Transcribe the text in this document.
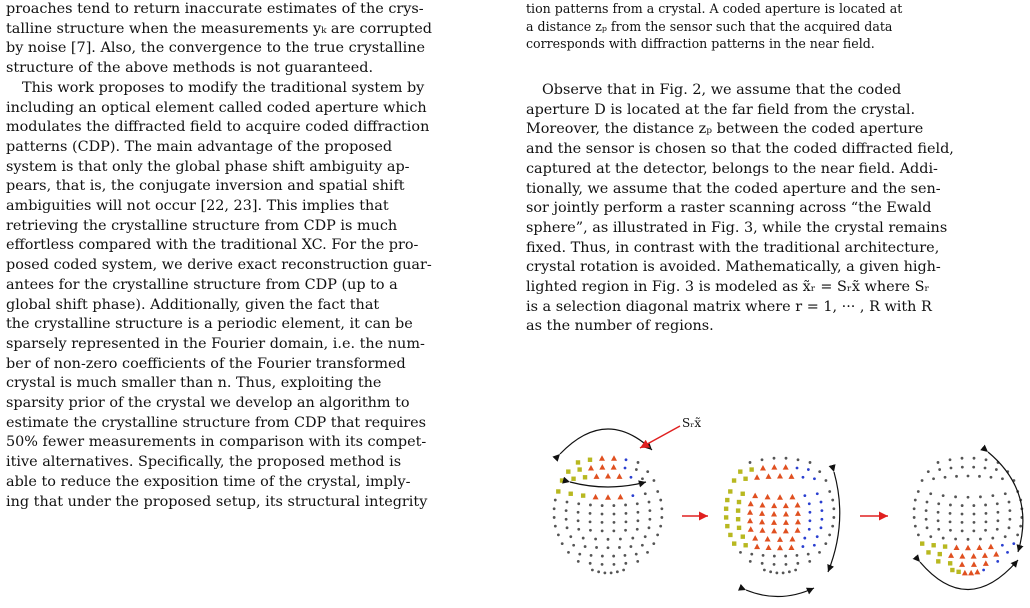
proaches tend to return inaccurate estimates of the crys-
talline structure when the measurements yₖ are corrupted
by noise [7]. Also, the convergence to the true crystalline
structure of the above methods is not guaranteed.
This work proposes to modify the traditional system by
including an optical element called coded aperture which
modulates the diffracted field to acquire coded diffraction
patterns (CDP). The main advantage of the proposed
system is that only the global phase shift ambiguity ap-
pears, that is, the conjugate inversion and spatial shift
ambiguities will not occur [22, 23]. This implies that
retrieving the crystalline structure from CDP is much
effortless compared with the traditional XC. For the pro-
posed coded system, we derive exact reconstruction guar-
antees for the crystalline structure from CDP (up to a
global shift phase). Additionally, given the fact that
the crystalline structure is a periodic element, it can be
sparsely represented in the Fourier domain, i.e. the num-
ber of non-zero coefficients of the Fourier transformed
crystal is much smaller than n. Thus, exploiting the
sparsity prior of the crystal we develop an algorithm to
estimate the crystalline structure from CDP that requires
50% fewer measurements in comparison with its compet-
itive alternatives. Specifically, the proposed method is
able to reduce the exposition time of the crystal, imply-
ing that under the proposed setup, its structural integrity
tion patterns from a crystal. A coded aperture is located at
a distance zₚ from the sensor such that the acquired data
corresponds with diffraction patterns in the near field.
Observe that in Fig. 2, we assume that the coded
aperture D is located at the far field from the crystal.
Moreover, the distance zₚ between the coded aperture
and the sensor is chosen so that the coded diffracted field,
captured at the detector, belongs to the near field. Addi-
tionally, we assume that the coded aperture and the sen-
sor jointly perform a raster scanning across “the Ewald
sphere”, as illustrated in Fig. 3, while the crystal remains
fixed. Thus, in contrast with the traditional architecture,
crystal rotation is avoided. Mathematically, a given high-
lighted region in Fig. 3 is modeled as x̃ᵣ = Sᵣx̃ where Sᵣ
is a selection diagonal matrix where r = 1, ··· , R with R
as the number of regions.
Sᵣx̃
